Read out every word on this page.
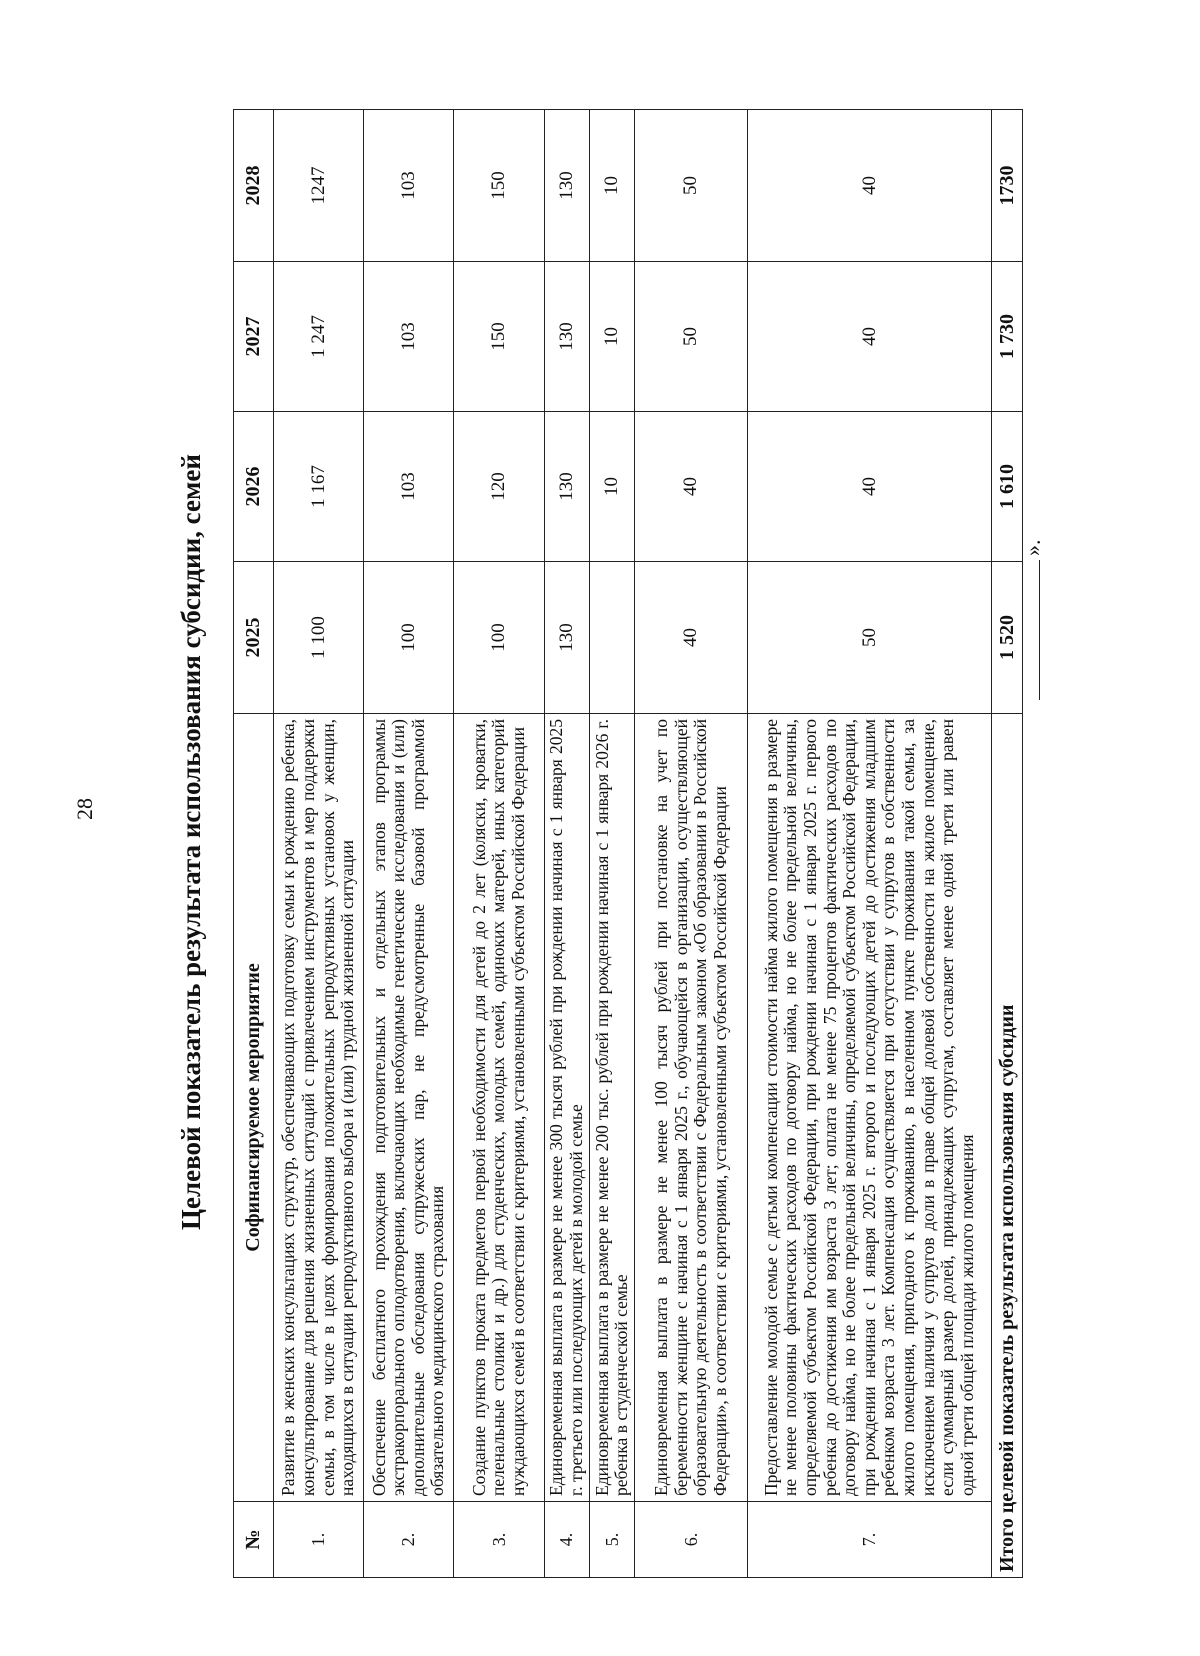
28	Целевой показатель результата использования субсидии, семей
№	Софинансируемое мероприятие	2025	2026	2027	2028
1.	Развитие в женских консультациях структур, обеспечивающих подготовку семьи к рождению ребенка, консультирование для решения жизненных ситуаций с привлечением инструментов и мер поддержки семьи, в том числе в целях формирования положительных репродуктивных установок у женщин, находящихся в ситуации репродуктивного выбора и (или) трудной жизненной ситуации	1 100	1 167	1 247	1247
2.	Обеспечение бесплатного прохождения подготовительных и отдельных этапов программы экстракорпорального оплодотворения, включающих необходимые генетические исследования и (или) дополнительные обследования супружеских пар, не предусмотренные базовой программой обязательного медицинского страхования	100	103	103	103
3.	Создание пунктов проката предметов первой необходимости для детей до 2 лет (коляски, кроватки, пеленальные столики и др.) для студенческих, молодых семей, одиноких матерей, иных категорий нуждающихся семей в соответствии с критериями, установленными субъектом Российской Федерации	100	120	150	150
4.	Единовременная выплата в размере не менее 300 тысяч рублей при рождении начиная с 1 января 2025 г. третьего или последующих детей в молодой семье	130	130	130	130
5.	Единовременная выплата в размере не менее 200 тыс. рублей при рождении начиная с 1 января 2026 г. ребенка в студенческой семье		10	10	10
6.	Единовременная выплата в размере не менее 100 тысяч рублей при постановке на учет по беременности женщине с начиная с 1 января 2025 г., обучающейся в организации, осуществляющей образовательную деятельность в соответствии с Федеральным законом «Об образовании в Российской Федерации», в соответствии с критериями, установленными субъектом Российской Федерации	40	40	50	50
7.	Предоставление молодой семье с детьми компенсации стоимости найма жилого помещения в размере не менее половины фактических расходов по договору найма, но не более предельной величины, определяемой субъектом Российской Федерации, при рождении начиная с 1 января 2025 г. первого ребенка до достижения им возраста 3 лет; оплата не менее 75 процентов фактических расходов по договору найма, но не более предельной величины, определяемой субъектом Российской Федерации, при рождении начиная с 1 января 2025 г. второго и последующих детей до достижения младшим ребенком возраста 3 лет. Компенсация осуществляется при отсутствии у супругов в собственности жилого помещения, пригодного к проживанию, в населенном пункте проживания такой семьи, за исключением наличия у супругов доли в праве общей долевой собственности на жилое помещение, если суммарный размер долей, принадлежащих супругам, составляет менее одной трети или равен одной трети общей площади жилого помещения	50	40	40	40
Итого целевой показатель результата использования субсидии		1 520	1 610	1 730	1730
».
